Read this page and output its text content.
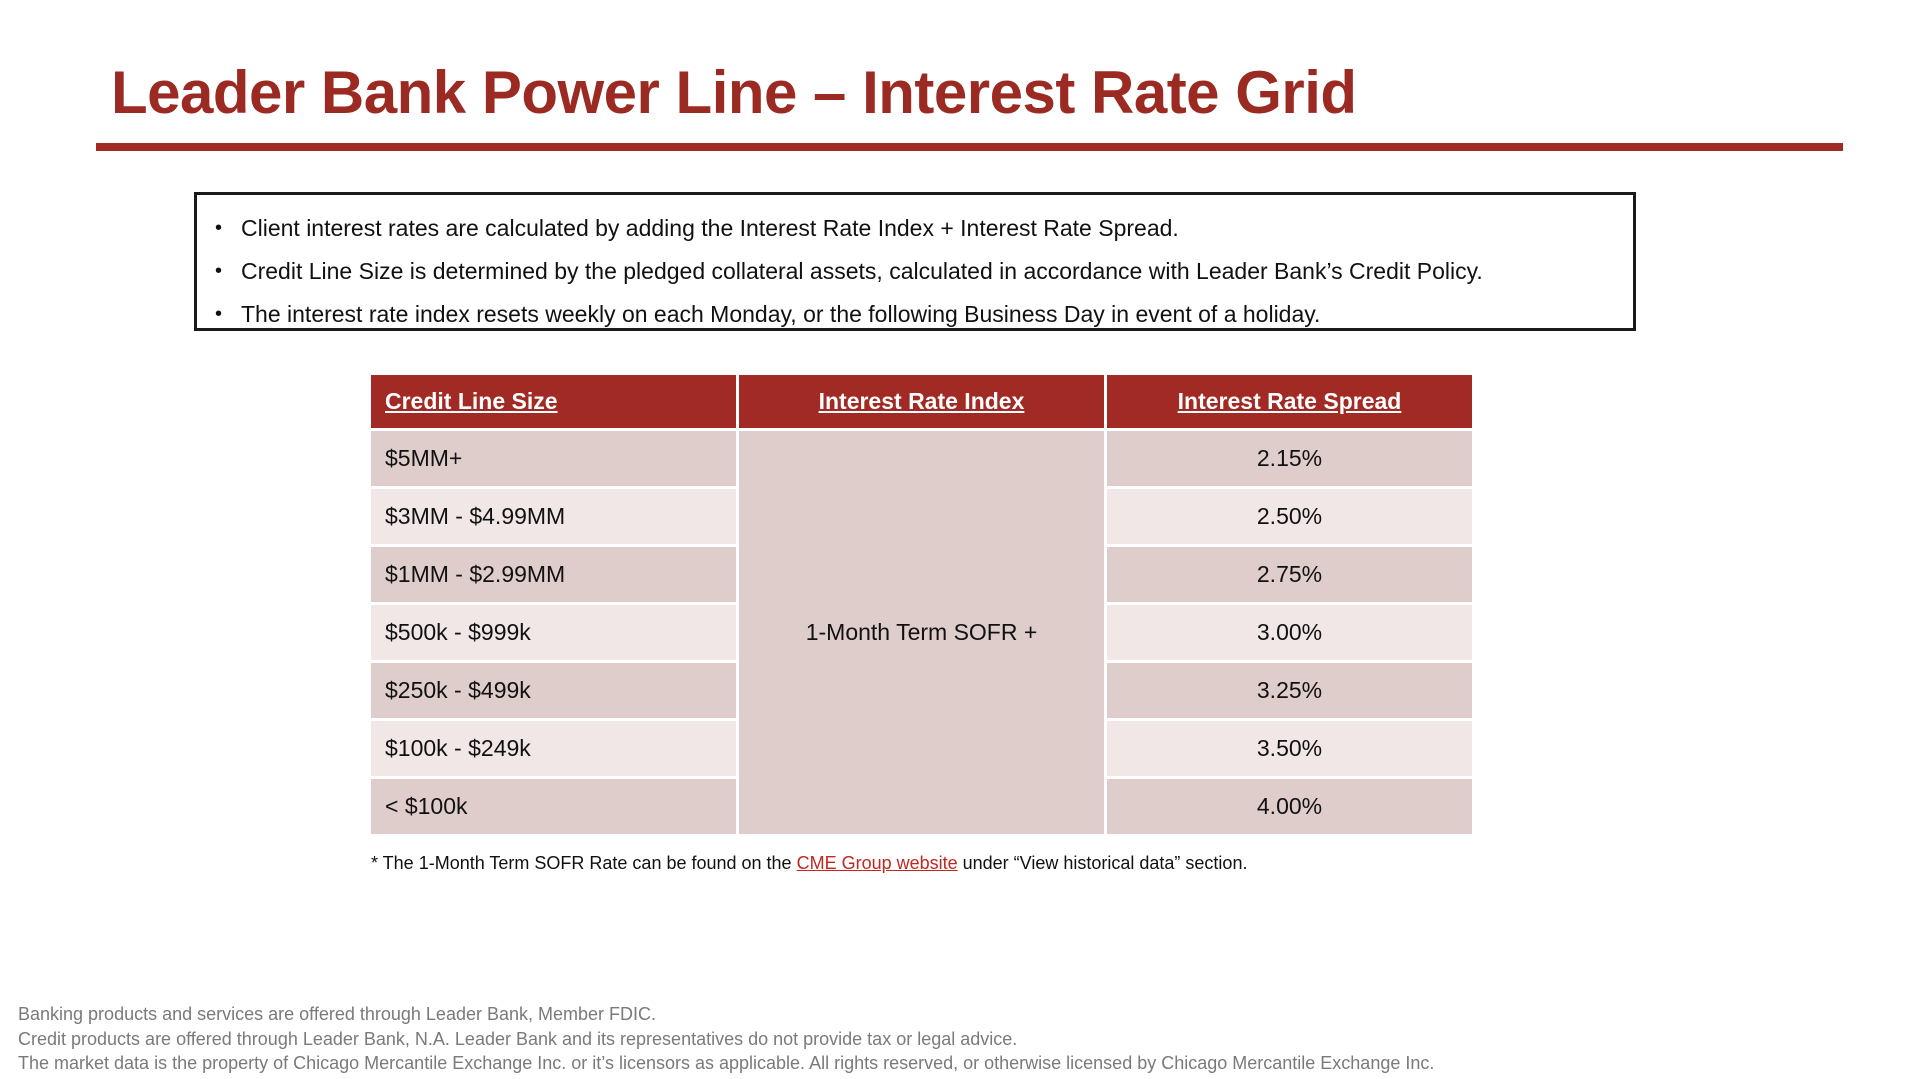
Leader Bank Power Line – Interest Rate Grid
• Client interest rates are calculated by adding the Interest Rate Index + Interest Rate Spread.
• Credit Line Size is determined by the pledged collateral assets, calculated in accordance with Leader Bank’s Credit Policy.
• The interest rate index resets weekly on each Monday, or the following Business Day in event of a holiday.
Credit Line Size	Interest Rate Index	Interest Rate Spread
$5MM+	1-Month Term SOFR +	2.15%
$3MM - $4.99MM		2.50%
$1MM - $2.99MM		2.75%
$500k - $999k		3.00%
$250k - $499k		3.25%
$100k - $249k		3.50%
< $100k		4.00%
* The 1-Month Term SOFR Rate can be found on the CME Group website under “View historical data” section.
Banking products and services are offered through Leader Bank, Member FDIC.
Credit products are offered through Leader Bank, N.A. Leader Bank and its representatives do not provide tax or legal advice.
The market data is the property of Chicago Mercantile Exchange Inc. or it’s licensors as applicable. All rights reserved, or otherwise licensed by Chicago Mercantile Exchange Inc.
